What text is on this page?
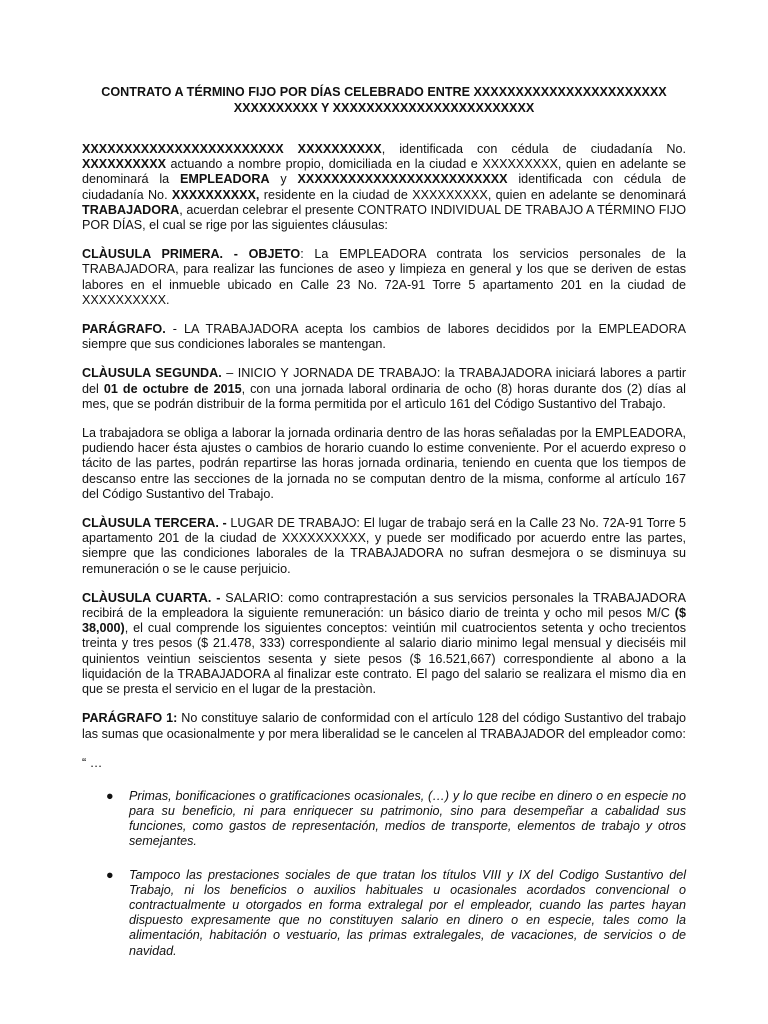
CONTRATO A TÉRMINO FIJO POR DÍAS CELEBRADO ENTRE XXXXXXXXXXXXXXXXXXXXXXX XXXXXXXXXX Y XXXXXXXXXXXXXXXXXXXXXXXX

XXXXXXXXXXXXXXXXXXXXXXXX XXXXXXXXXX, identificada con cédula de ciudadanía No. XXXXXXXXXX actuando a nombre propio, domiciliada en la ciudad e XXXXXXXXX, quien en adelante se denominará la EMPLEADORA y XXXXXXXXXXXXXXXXXXXXXXXXX identificada con cédula de ciudadanía No. XXXXXXXXXX, residente en la ciudad de XXXXXXXXX, quien en adelante se denominará TRABAJADORA, acuerdan celebrar el presente CONTRATO INDIVIDUAL DE TRABAJO A TÉRMINO FIJO POR DÍAS, el cual se rige por las siguientes cláusulas:

CLÀUSULA PRIMERA. - OBJETO: La EMPLEADORA contrata los servicios personales de la TRABAJADORA, para realizar las funciones de aseo y limpieza en general y los que se deriven de estas labores en el inmueble ubicado en Calle 23 No. 72A-91 Torre 5 apartamento 201 en la ciudad de XXXXXXXXXX.

PARÁGRAFO. - LA TRABAJADORA acepta los cambios de labores decididos por la EMPLEADORA siempre que sus condiciones laborales se mantengan.

CLÀUSULA SEGUNDA. – INICIO Y JORNADA DE TRABAJO: la TRABAJADORA iniciará labores a partir del 01 de octubre de 2015, con una jornada laboral ordinaria de ocho (8) horas durante dos (2) días al mes, que se podrán distribuir de la forma permitida por el artìculo 161 del Código Sustantivo del Trabajo.

La trabajadora se obliga a laborar la jornada ordinaria dentro de las horas señaladas por la EMPLEADORA, pudiendo hacer ésta ajustes o cambios de horario cuando lo estime conveniente. Por el acuerdo expreso o tácito de las partes, podrán repartirse las horas jornada ordinaria, teniendo en cuenta que los tiempos de descanso entre las secciones de la jornada no se computan dentro de la misma, conforme al artículo 167 del Código Sustantivo del Trabajo.

CLÀUSULA TERCERA. - LUGAR DE TRABAJO: El lugar de trabajo será en la Calle 23 No. 72A-91 Torre 5 apartamento 201 de la ciudad de XXXXXXXXXX, y puede ser modificado por acuerdo entre las partes, siempre que las condiciones laborales de la TRABAJADORA no sufran desmejora o se disminuya su remuneración o se le cause perjuicio.

CLÀUSULA CUARTA. - SALARIO: como contraprestación a sus servicios personales la TRABAJADORA recibirá de la empleadora la siguiente remuneración: un básico diario de treinta y ocho mil pesos M/C ($ 38,000), el cual comprende los siguientes conceptos: veintiún mil cuatrocientos setenta y ocho trecientos treinta y tres pesos ($ 21.478, 333) correspondiente al salario diario minimo legal mensual y dieciséis mil quinientos veintiun seiscientos sesenta y siete pesos ($ 16.521,667) correspondiente al abono a la liquidación de la TRABAJADORA al finalizar este contrato. El pago del salario se realizara el mismo dìa en que se presta el servicio en el lugar de la prestaciòn.

PARÁGRAFO 1: No constituye salario de conformidad con el artículo 128 del código Sustantivo del trabajo las sumas que ocasionalmente y por mera liberalidad se le cancelen al TRABAJADOR del empleador como:

“ …
● Primas, bonificaciones o gratificaciones ocasionales, (…) y lo que recibe en dinero o en especie no para su beneficio, ni para enriquecer su patrimonio, sino para desempeñar a cabalidad sus funciones, como gastos de representación, medios de transporte, elementos de trabajo y otros semejantes.
● Tampoco las prestaciones sociales de que tratan los títulos VIII y IX del Codigo Sustantivo del Trabajo, ni los beneficios o auxilios habituales u ocasionales acordados convencional o contractualmente u otorgados en forma extralegal por el empleador, cuando las partes hayan dispuesto expresamente que no constituyen salario en dinero o en especie, tales como la alimentación, habitación o vestuario, las primas extralegales, de vacaciones, de servicios o de navidad.
